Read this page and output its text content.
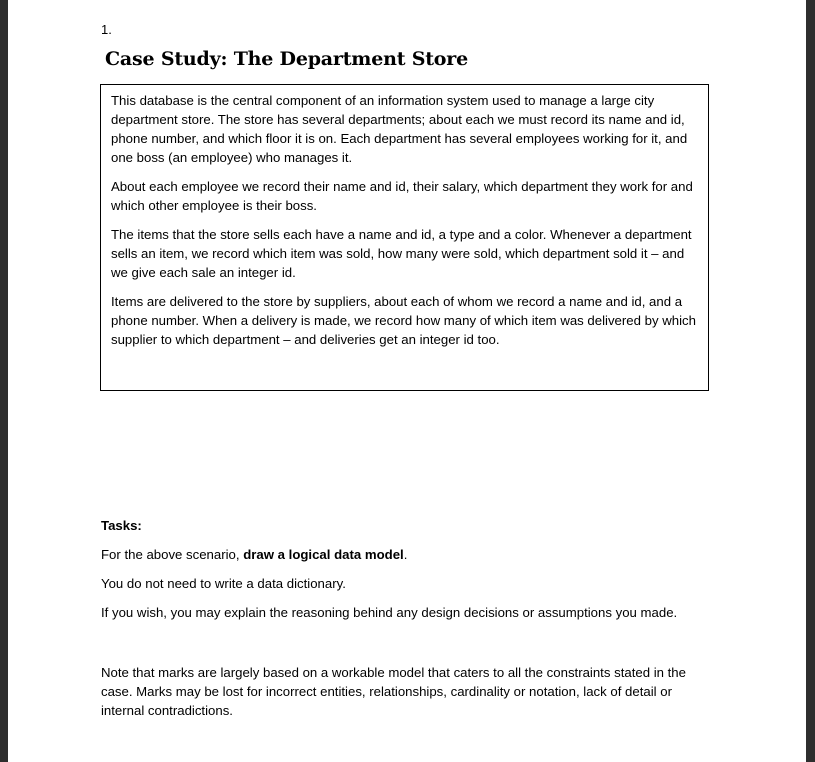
1.
Case Study: The Department Store

This database is the central component of an information system used to manage a large city department store. The store has several departments; about each we must record its name and id, phone number, and which floor it is on. Each department has several employees working for it, and one boss (an employee) who manages it.

About each employee we record their name and id, their salary, which department they work for and which other employee is their boss.

The items that the store sells each have a name and id, a type and a color. Whenever a department sells an item, we record which item was sold, how many were sold, which department sold it – and we give each sale an integer id.

Items are delivered to the store by suppliers, about each of whom we record a name and id, and a phone number. When a delivery is made, we record how many of which item was delivered by which supplier to which department – and deliveries get an integer id too.

Tasks:

For the above scenario, draw a logical data model.

You do not need to write a data dictionary.

If you wish, you may explain the reasoning behind any design decisions or assumptions you made.

Note that marks are largely based on a workable model that caters to all the constraints stated in the case. Marks may be lost for incorrect entities, relationships, cardinality or notation, lack of detail or internal contradictions.
